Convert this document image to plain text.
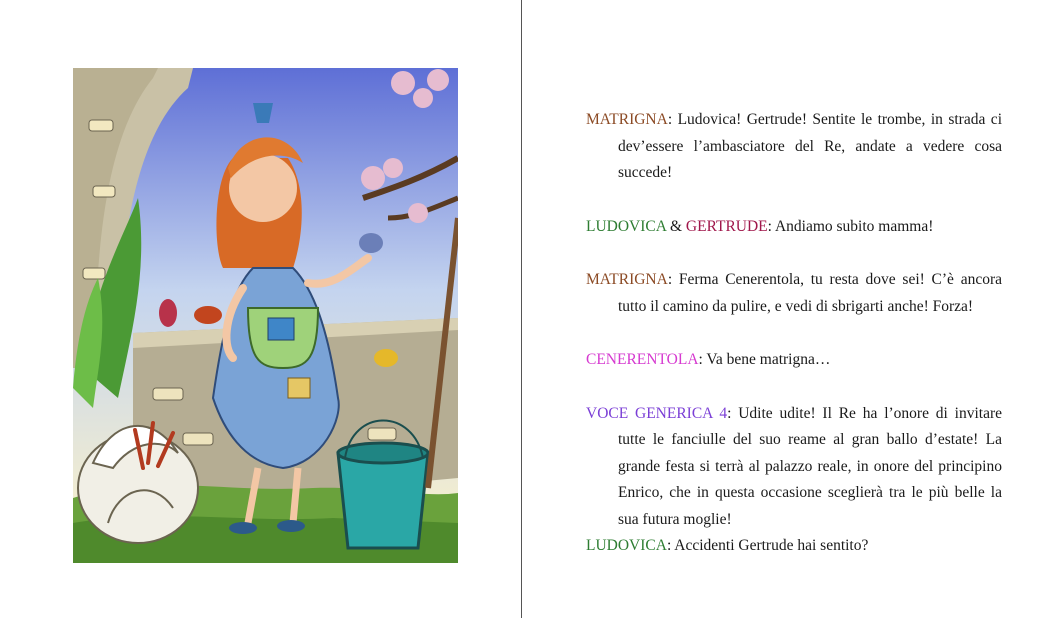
MATRIGNA: Ludovica! Gertrude! Sentite le trombe, in strada ci dev’essere l’ambasciatore del Re, andate a vedere cosa succede!

LUDOVICA & GERTRUDE: Andiamo subito mamma!

MATRIGNA: Ferma Cenerentola, tu resta dove sei! C’è ancora tutto il camino da pulire, e vedi di sbrigarti anche! Forza!

CENERENTOLA: Va bene matrigna…

VOCE GENERICA 4: Udite udite! Il Re ha l’onore di invitare tutte le fanciulle del suo reame al gran ballo d’estate! La grande festa si terrà al palazzo reale, in onore del principino Enrico, che in questa occasione sceglierà tra le più belle la sua futura moglie!

LUDOVICA: Accidenti Gertrude hai sentito?
